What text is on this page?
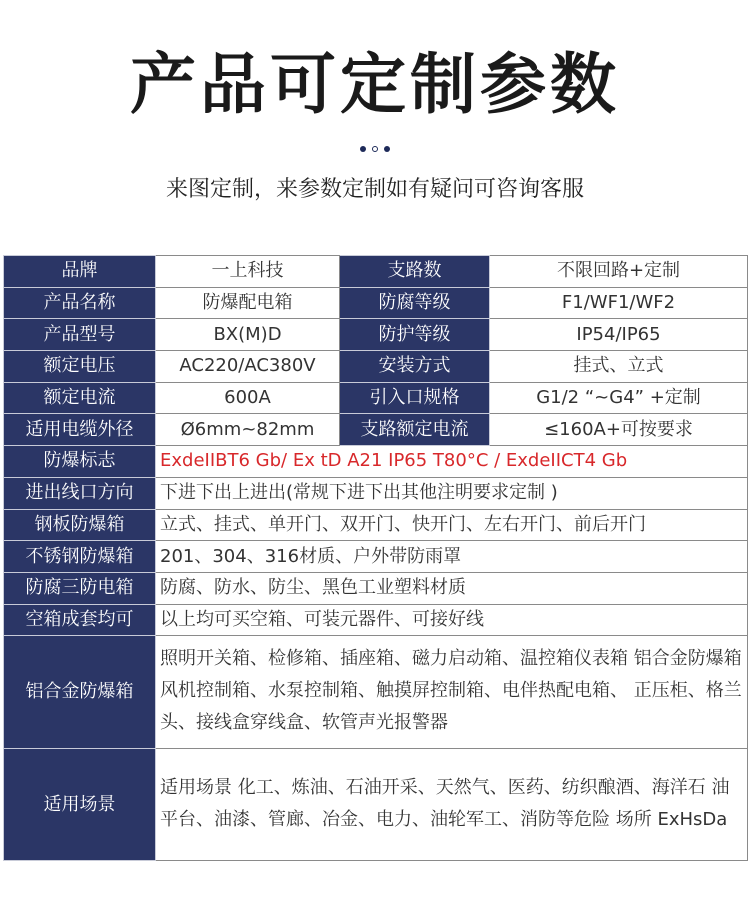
产品可定制参数
来图定制，来参数定制如有疑问可咨询客服
品牌	一上科技	支路数	不限回路+定制
产品名称	防爆配电箱	防腐等级	F1/WF1/WF2
产品型号	BX(M)D	防护等级	IP54/IP65
额定电压	AC220/AC380V	安装方式	挂式、立式
额定电流	600A	引入口规格	G1/2 “~G4” +定制
适用电缆外径	Ø6mm~82mm	支路额定电流	≤160A+可按要求
防爆标志	ExdeIIBT6 Gb/ Ex tD A21 IP65 T80°C / ExdeIICT4 Gb		
进出线口方向	下进下出上进出(常规下进下出其他注明要求定制 )		
钢板防爆箱	立式、挂式、单开门、双开门、快开门、左右开门、前后开门		
不锈钢防爆箱	201、304、316材质、户外带防雨罩		
防腐三防电箱	防腐、防水、防尘、黑色工业塑料材质		
空箱成套均可	以上均可买空箱、可装元器件、可接好线		
铝合金防爆箱	照明开关箱、检修箱、插座箱、磁力启动箱、温控箱仪表箱 铝合金防爆箱 风机控制箱、水泵控制箱、触摸屏控制箱、电伴热配电箱、 正压柜、格兰头、接线盒穿线盒、软管声光报警器		
适用场景	适用场景 化工、炼油、石油开采、天然气、医药、纺织酿酒、海洋石 油平台、油漆、管廊、冶金、电力、油轮军工、消防等危险 场所 ExHsDa		
